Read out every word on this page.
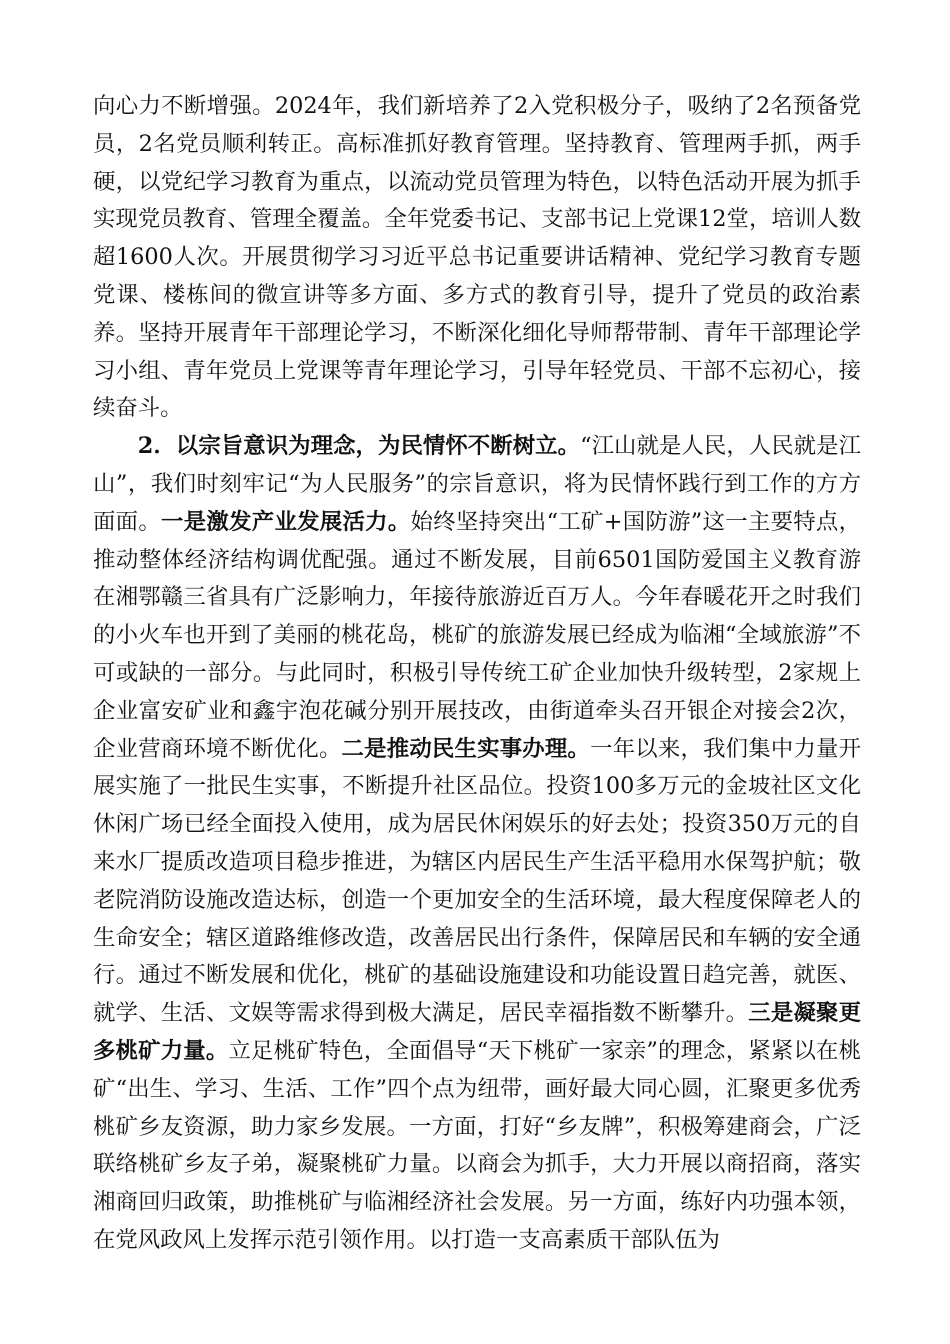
向心力不断增强。2024年，我们新培养了2入党积极分子，吸纳了2名预备党员，2名党员顺利转正。高标准抓好教育管理。坚持教育、管理两手抓，两手硬，以党纪学习教育为重点，以流动党员管理为特色，以特色活动开展为抓手实现党员教育、管理全覆盖。全年党委书记、支部书记上党课12堂，培训人数超1600人次。开展贯彻学习习近平总书记重要讲话精神、党纪学习教育专题党课、楼栋间的微宣讲等多方面、多方式的教育引导，提升了党员的政治素养。坚持开展青年干部理论学习，不断深化细化导师帮带制、青年干部理论学习小组、青年党员上党课等青年理论学习，引导年轻党员、干部不忘初心，接续奋斗。

2．以宗旨意识为理念，为民情怀不断树立。“江山就是人民，人民就是江山”，我们时刻牢记“为人民服务”的宗旨意识，将为民情怀践行到工作的方方面面。一是激发产业发展活力。始终坚持突出“工矿+国防游”这一主要特点，推动整体经济结构调优配强。通过不断发展，目前6501国防爱国主义教育游在湘鄂赣三省具有广泛影响力，年接待旅游近百万人。今年春暖花开之时我们的小火车也开到了美丽的桃花岛，桃矿的旅游发展已经成为临湘“全域旅游”不可或缺的一部分。与此同时，积极引导传统工矿企业加快升级转型，2家规上企业富安矿业和鑫宇泡花碱分别开展技改，由街道牵头召开银企对接会2次，企业营商环境不断优化。二是推动民生实事办理。一年以来，我们集中力量开展实施了一批民生实事，不断提升社区品位。投资100多万元的金坡社区文化休闲广场已经全面投入使用，成为居民休闲娱乐的好去处；投资350万元的自来水厂提质改造项目稳步推进，为辖区内居民生产生活平稳用水保驾护航；敬老院消防设施改造达标，创造一个更加安全的生活环境，最大程度保障老人的生命安全；辖区道路维修改造，改善居民出行条件，保障居民和车辆的安全通行。通过不断发展和优化，桃矿的基础设施建设和功能设置日趋完善，就医、就学、生活、文娱等需求得到极大满足，居民幸福指数不断攀升。三是凝聚更多桃矿力量。立足桃矿特色，全面倡导“天下桃矿一家亲”的理念，紧紧以在桃矿“出生、学习、生活、工作”四个点为纽带，画好最大同心圆，汇聚更多优秀桃矿乡友资源，助力家乡发展。一方面，打好“乡友牌”，积极筹建商会，广泛联络桃矿乡友子弟，凝聚桃矿力量。以商会为抓手，大力开展以商招商，落实湘商回归政策，助推桃矿与临湘经济社会发展。另一方面，练好内功强本领，在党风政风上发挥示范引领作用。以打造一支高素质干部队伍为
